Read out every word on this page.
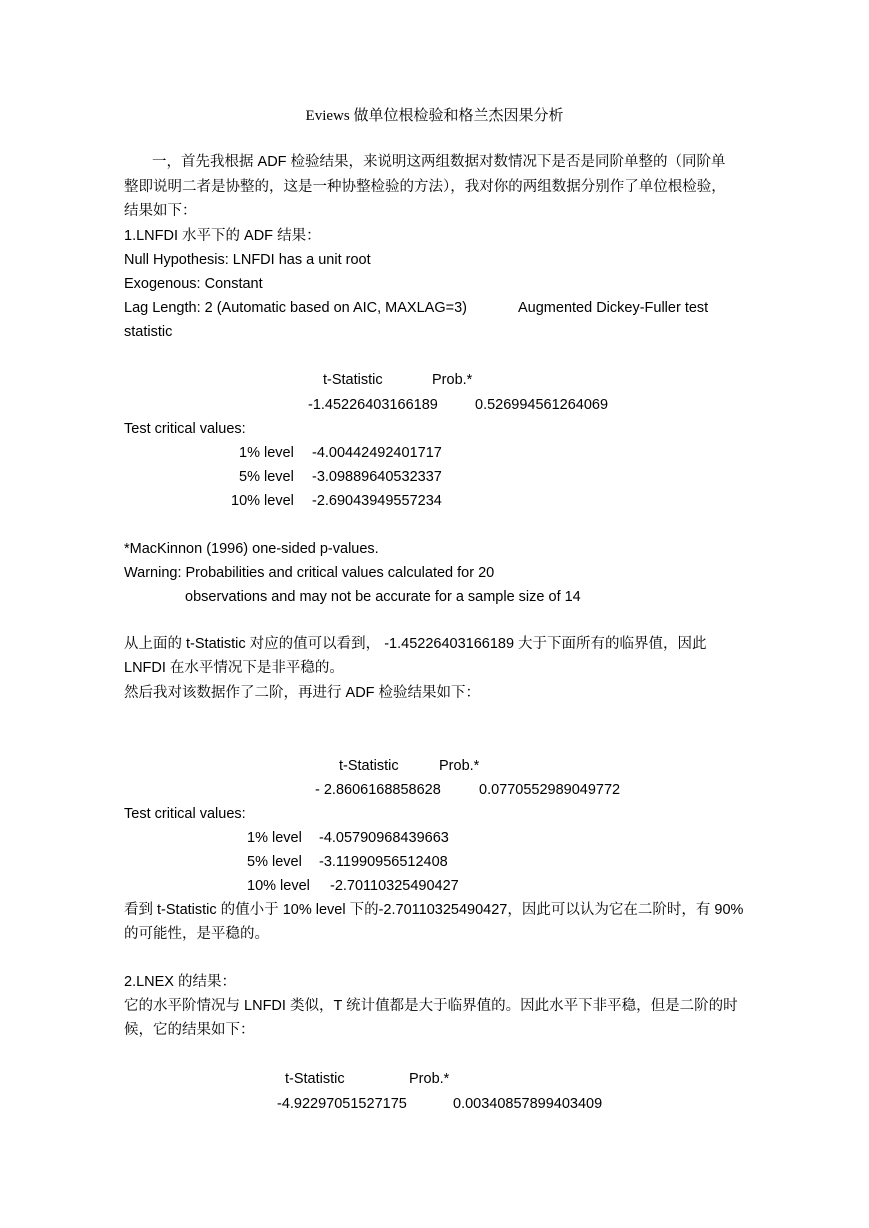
Eviews 做单位根检验和格兰杰因果分析
一，首先我根据 ADF 检验结果，来说明这两组数据对数情况下是否是同阶单整的（同阶单
整即说明二者是协整的，这是一种协整检验的方法），我对你的两组数据分别作了单位根检验，
结果如下：
1.LNFDI 水平下的 ADF 结果：
Null Hypothesis: LNFDI has a unit root
Exogenous: Constant
Lag Length: 2 (Automatic based on AIC, MAXLAG=3)	Augmented Dickey-Fuller test
statistic
t-Statistic	Prob.*
-1.45226403166189	0.526994561264069
Test critical values:
1% level -4.00442492401717
5% level -3.09889640532337
10% level -2.69043949557234
*MacKinnon (1996) one-sided p-values.
Warning: Probabilities and critical values calculated for 20
observations and may not be accurate for a sample size of 14
从上面的 t-Statistic 对应的值可以看到， -1.45226403166189 大于下面所有的临界值，因此
LNFDI 在水平情况下是非平稳的。
然后我对该数据作了二阶，再进行 ADF 检验结果如下：
t-Statistic	Prob.*
- 2.8606168858628	0.0770552989049772
Test critical values:
1% level -4.05790968439663
5% level -3.11990956512408
10% level -2.70110325490427
看到 t-Statistic 的值小于 10% level 下的-2.70110325490427，因此可以认为它在二阶时，有 90%
的可能性，是平稳的。
2.LNEX 的结果：
它的水平阶情况与 LNFDI 类似，T 统计值都是大于临界值的。因此水平下非平稳，但是二阶的时
候，它的结果如下：
t-Statistic	Prob.*
-4.92297051527175	0.00340857899403409
